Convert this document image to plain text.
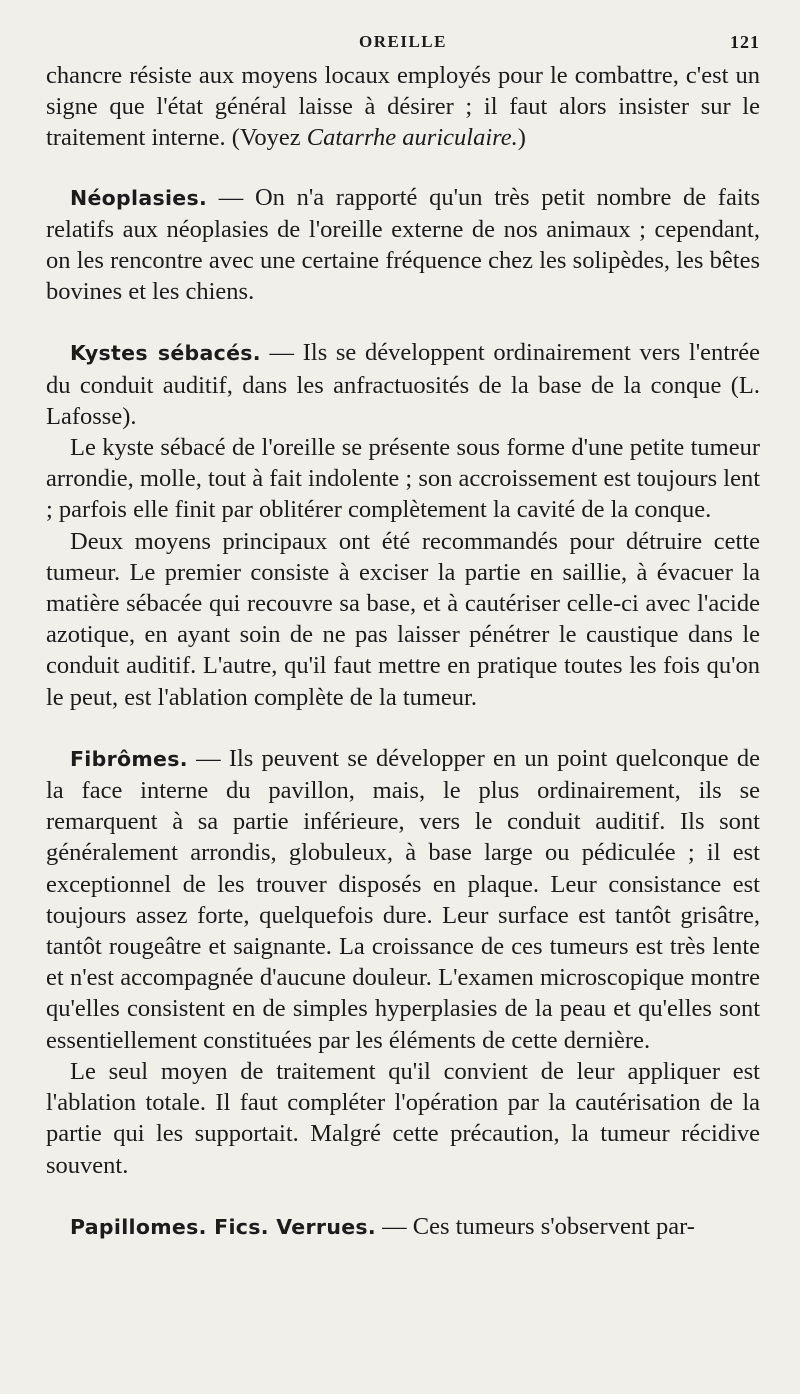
OREILLE	121

chancre résiste aux moyens locaux employés pour le combattre, c'est un signe que l'état général laisse à désirer ; il faut alors insister sur le traitement interne. (Voyez Catarrhe auriculaire.)

Néoplasies. — On n'a rapporté qu'un très petit nombre de faits relatifs aux néoplasies de l'oreille externe de nos animaux ; cependant, on les rencontre avec une certaine fréquence chez les solipèdes, les bêtes bovines et les chiens.

Kystes sébacés. — Ils se développent ordinairement vers l'entrée du conduit auditif, dans les anfractuosités de la base de la conque (L. Lafosse).

Le kyste sébacé de l'oreille se présente sous forme d'une petite tumeur arrondie, molle, tout à fait indolente ; son accroissement est toujours lent ; parfois elle finit par oblitérer complètement la cavité de la conque.

Deux moyens principaux ont été recommandés pour détruire cette tumeur. Le premier consiste à exciser la partie en saillie, à évacuer la matière sébacée qui recouvre sa base, et à cautériser celle-ci avec l'acide azotique, en ayant soin de ne pas laisser pénétrer le caustique dans le conduit auditif. L'autre, qu'il faut mettre en pratique toutes les fois qu'on le peut, est l'ablation complète de la tumeur.

Fibrômes. — Ils peuvent se développer en un point quelconque de la face interne du pavillon, mais, le plus ordinairement, ils se remarquent à sa partie inférieure, vers le conduit auditif. Ils sont généralement arrondis, globuleux, à base large ou pédiculée ; il est exceptionnel de les trouver disposés en plaque. Leur consistance est toujours assez forte, quelquefois dure. Leur surface est tantôt grisâtre, tantôt rougeâtre et saignante. La croissance de ces tumeurs est très lente et n'est accompagnée d'aucune douleur. L'examen microscopique montre qu'elles consistent en de simples hyperplasies de la peau et qu'elles sont essentiellement constituées par les éléments de cette dernière.

Le seul moyen de traitement qu'il convient de leur appliquer est l'ablation totale. Il faut compléter l'opération par la cautérisation de la partie qui les supportait. Malgré cette précaution, la tumeur récidive souvent.

Papillomes. Fics. Verrues. — Ces tumeurs s'observent par-
